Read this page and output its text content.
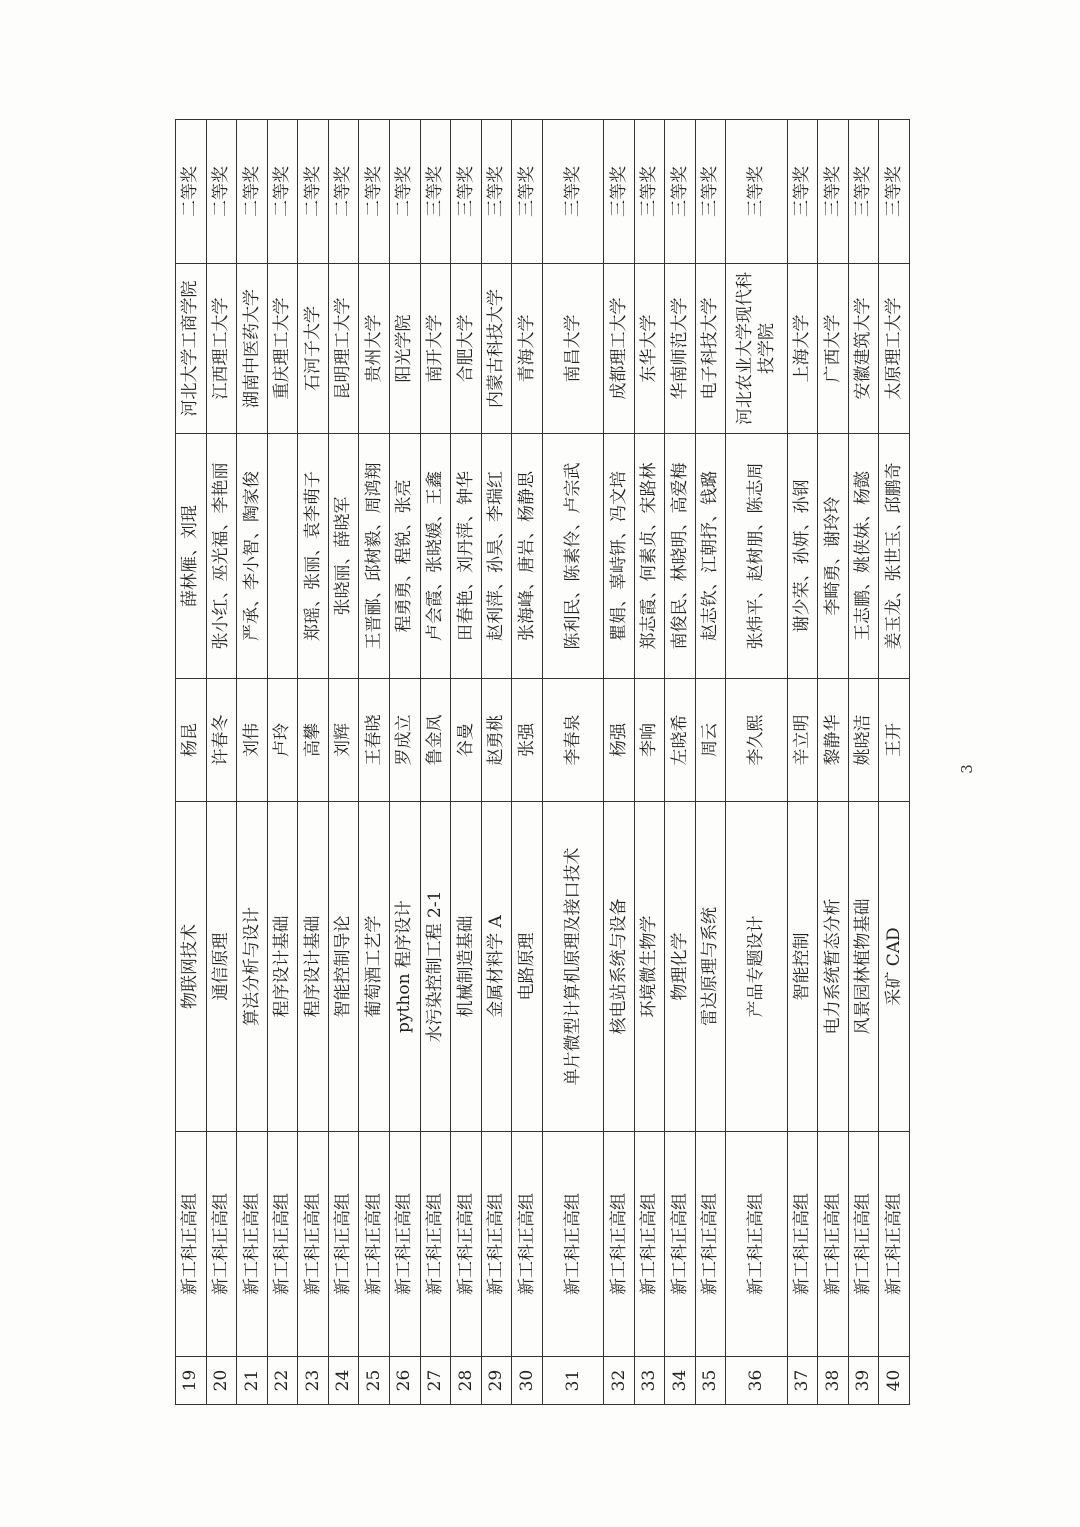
19	新工科正高组	物联网技术	杨昆	薛林雁、刘琨	河北大学工商学院	二等奖
20	新工科正高组	通信原理	许春冬	张小红、巫光福、李艳丽	江西理工大学	二等奖
21	新工科正高组	算法分析与设计	刘伟	严承、李小智、陶家俊	湖南中医药大学	二等奖
22	新工科正高组	程序设计基础	卢玲		重庆理工大学	二等奖
23	新工科正高组	程序设计基础	高攀	郑瑶、张丽、袁李萌子	石河子大学	二等奖
24	新工科正高组	智能控制导论	刘辉	张晓丽、薛晓军	昆明理工大学	二等奖
25	新工科正高组	葡萄酒工艺学	王春晓	王晋郦、邱树毅、周鸿翔	贵州大学	二等奖
26	新工科正高组	python 程序设计	罗成立	程勇勇、程锐、张亮	阳光学院	二等奖
27	新工科正高组	水污染控制工程 2-1	鲁金凤	卢会霞、张晓媛、王鑫	南开大学	三等奖
28	新工科正高组	机械制造基础	谷曼	田春艳、刘丹萍、钟华	合肥大学	三等奖
29	新工科正高组	金属材料学 A	赵勇桃	赵利萍、孙昊、李瑞红	内蒙古科技大学	三等奖
30	新工科正高组	电路原理	张强	张海峰、唐岩、杨静思	青海大学	三等奖
31	新工科正高组	单片微型计算机原理及接口技术	李春泉	陈利民、陈素伶、卢宗武	南昌大学	三等奖
32	新工科正高组	核电站系统与设备	杨强	瞿娟、辜峙钘、冯文培	成都理工大学	三等奖
33	新工科正高组	环境微生物学	李响	郑志霞、何素贞、宋路林	东华大学	三等奖
34	新工科正高组	物理化学	左晓希	南俊民、林晓明、高爱梅	华南师范大学	三等奖
35	新工科正高组	雷达原理与系统	周云	赵志钦、江朝抒、钱璐	电子科技大学	三等奖
36	新工科正高组	产品专题设计	李久熙	张炜平、赵树朋、陈志周	河北农业大学现代科技学院	三等奖
37	新工科正高组	智能控制	辛立明	谢少荣、孙妍、孙钢	上海大学	三等奖
38	新工科正高组	电力系统暂态分析	黎静华	李畸勇、谢玲玲	广西大学	三等奖
39	新工科正高组	风景园林植物基础	姚晓洁	王志鹏、姚侠妹、杨懿	安徽建筑大学	三等奖
40	新工科正高组	采矿 CAD	王开	姜玉龙、张世玉、邱鹏奇	太原理工大学	三等奖
3
